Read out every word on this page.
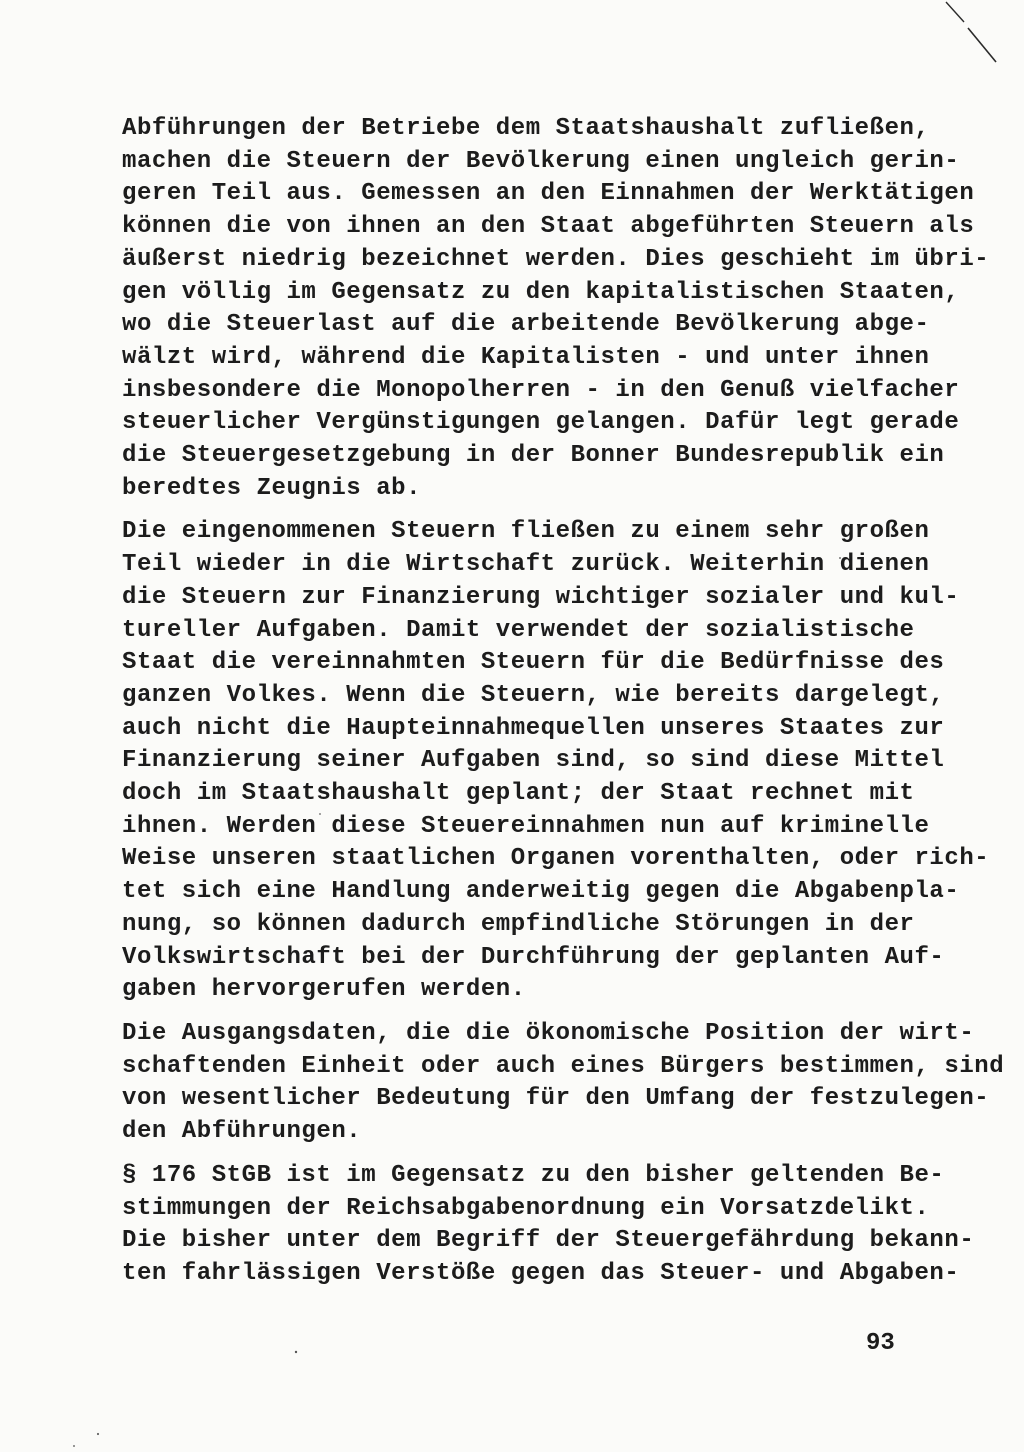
Abführungen der Betriebe dem Staatshaushalt zufließen,
machen die Steuern der Bevölkerung einen ungleich gerin-
geren Teil aus. Gemessen an den Einnahmen der Werktätigen
können die von ihnen an den Staat abgeführten Steuern als
äußerst niedrig bezeichnet werden. Dies geschieht im übri-
gen völlig im Gegensatz zu den kapitalistischen Staaten,
wo die Steuerlast auf die arbeitende Bevölkerung abge-
wälzt wird, während die Kapitalisten - und unter ihnen
insbesondere die Monopolherren - in den Genuß vielfacher
steuerlicher Vergünstigungen gelangen. Dafür legt gerade
die Steuergesetzgebung in der Bonner Bundesrepublik ein
beredtes Zeugnis ab.
Die eingenommenen Steuern fließen zu einem sehr großen
Teil wieder in die Wirtschaft zurück. Weiterhin dienen
die Steuern zur Finanzierung wichtiger sozialer und kul-
tureller Aufgaben. Damit verwendet der sozialistische
Staat die vereinnahmten Steuern für die Bedürfnisse des
ganzen Volkes. Wenn die Steuern, wie bereits dargelegt,
auch nicht die Haupteinnahmequellen unseres Staates zur
Finanzierung seiner Aufgaben sind, so sind diese Mittel
doch im Staatshaushalt geplant; der Staat rechnet mit
ihnen. Werden diese Steuereinnahmen nun auf kriminelle
Weise unseren staatlichen Organen vorenthalten, oder rich-
tet sich eine Handlung anderweitig gegen die Abgabenpla-
nung, so können dadurch empfindliche Störungen in der
Volkswirtschaft bei der Durchführung der geplanten Auf-
gaben hervorgerufen werden.
Die Ausgangsdaten, die die ökonomische Position der wirt-
schaftenden Einheit oder auch eines Bürgers bestimmen, sind
von wesentlicher Bedeutung für den Umfang der festzulegen-
den Abführungen.
§ 176 StGB ist im Gegensatz zu den bisher geltenden Be-
stimmungen der Reichsabgabenordnung ein Vorsatzdelikt.
Die bisher unter dem Begriff der Steuergefährdung bekann-
ten fahrlässigen Verstöße gegen das Steuer- und Abgaben-
93
